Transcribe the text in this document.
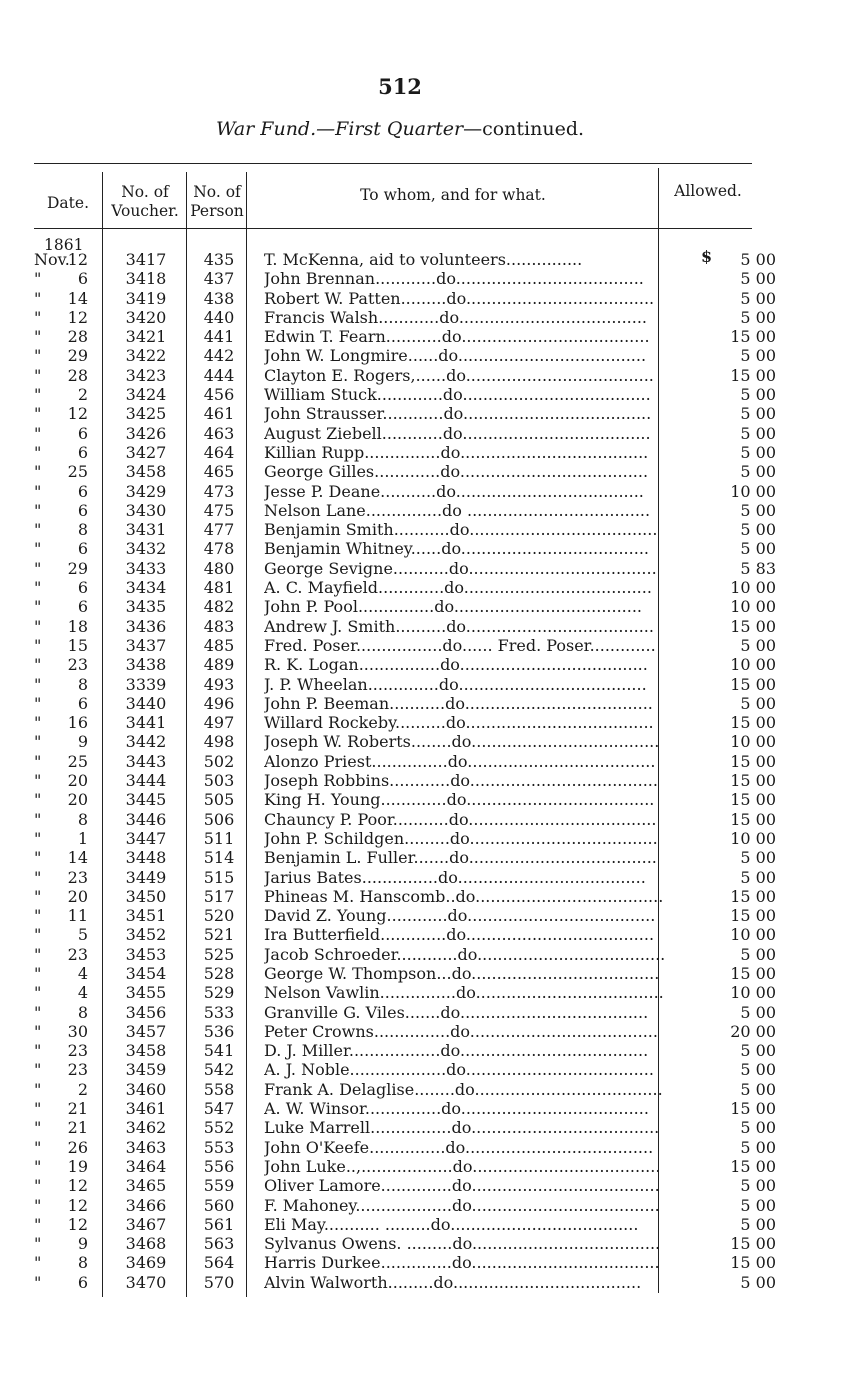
512
War Fund.—First Quarter—continued.
Date.
No. of
Voucher.
No. of
Person
To whom, and for what.	Allowed.
1861
$
Nov.12	3417	435	T. McKenna, aid to volunteers...............	5 00
" 6	3418	437	John Brennan............do.....................................	5 00
" 14	3419	438	Robert W. Patten.........do.....................................	5 00
" 12	3420	440	Francis Walsh............do.....................................	5 00
" 28	3421	441	Edwin T. Fearn...........do.....................................	15 00
" 29	3422	442	John W. Longmire......do.....................................	5 00
" 28	3423	444	Clayton E. Rogers,......do.....................................	15 00
" 2	3424	456	William Stuck.............do.....................................	5 00
" 12	3425	461	John Strausser............do.....................................	5 00
" 6	3426	463	August Ziebell............do.....................................	5 00
" 6	3427	464	Killian Rupp...............do.....................................	5 00
" 25	3458	465	George Gilles.............do.....................................	5 00
" 6	3429	473	Jesse P. Deane...........do.....................................	10 00
" 6	3430	475	Nelson Lane...............do ....................................	5 00
" 8	3431	477	Benjamin Smith...........do.....................................	5 00
" 6	3432	478	Benjamin Whitney......do.....................................	5 00
" 29	3433	480	George Sevigne...........do.....................................	5 83
" 6	3434	481	A. C. Mayfield.............do.....................................	10 00
" 6	3435	482	John P. Pool...............do.....................................	10 00
" 18	3436	483	Andrew J. Smith..........do.....................................	15 00
" 15	3437	485	Fred. Poser.................do...... Fred. Poser.............	5 00
" 23	3438	489	R. K. Logan................do.....................................	10 00
" 8	3339	493	J. P. Wheelan..............do.....................................	15 00
" 6	3440	496	John P. Beeman...........do.....................................	5 00
" 16	3441	497	Willard Rockeby..........do.....................................	15 00
" 9	3442	498	Joseph W. Roberts........do.....................................	10 00
" 25	3443	502	Alonzo Priest...............do.....................................	15 00
" 20	3444	503	Joseph Robbins............do.....................................	15 00
" 20	3445	505	King H. Young.............do.....................................	15 00
" 8	3446	506	Chauncy P. Poor...........do.....................................	15 00
" 1	3447	511	John P. Schildgen.........do.....................................	10 00
" 14	3448	514	Benjamin L. Fuller.......do.....................................	5 00
" 23	3449	515	Jarius Bates...............do.....................................	5 00
" 20	3450	517	Phineas M. Hanscomb..do.....................................	15 00
" 11	3451	520	David Z. Young............do.....................................	15 00
" 5	3452	521	Ira Butterfield.............do.....................................	10 00
" 23	3453	525	Jacob Schroeder............do.....................................	5 00
" 4	3454	528	George W. Thompson...do.....................................	15 00
" 4	3455	529	Nelson Vawlin...............do.....................................	10 00
" 8	3456	533	Granville G. Viles.......do.....................................	5 00
" 30	3457	536	Peter Crowns...............do.....................................	20 00
" 23	3458	541	D. J. Miller..................do.....................................	5 00
" 23	3459	542	A. J. Noble...................do.....................................	5 00
" 2	3460	558	Frank A. Delaglise........do.....................................	5 00
" 21	3461	547	A. W. Winsor...............do.....................................	15 00
" 21	3462	552	Luke Marrell................do.....................................	5 00
" 26	3463	553	John O'Keefe...............do.....................................	5 00
" 19	3464	556	John Luke..,..................do.....................................	15 00
" 12	3465	559	Oliver Lamore..............do.....................................	5 00
" 12	3466	560	F. Mahoney...................do.....................................	5 00
" 12	3467	561	Eli May........... .........do.....................................	5 00
" 9	3468	563	Sylvanus Owens. .........do.....................................	15 00
" 8	3469	564	Harris Durkee..............do.....................................	15 00
" 6	3470	570	Alvin Walworth.........do.....................................	5 00
